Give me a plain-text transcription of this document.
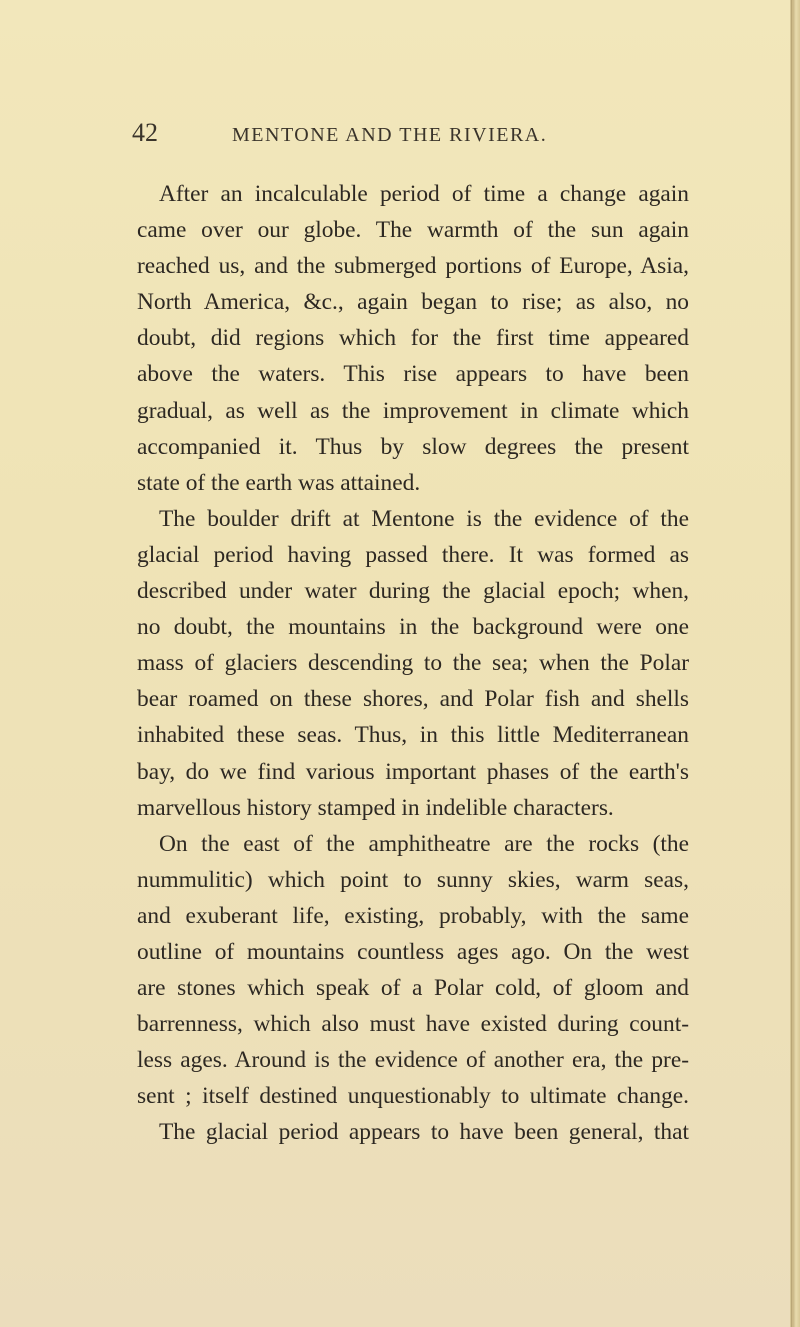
42	MENTONE AND THE RIVIERA.
After an incalculable period of time a change again
came over our globe. The warmth of the sun again
reached us, and the submerged portions of Europe, Asia,
North America, &c., again began to rise; as also, no
doubt, did regions which for the first time appeared
above the waters. This rise appears to have been
gradual, as well as the improvement in climate which
accompanied it. Thus by slow degrees the present
state of the earth was attained.
The boulder drift at Mentone is the evidence of the
glacial period having passed there. It was formed as
described under water during the glacial epoch; when,
no doubt, the mountains in the background were one
mass of glaciers descending to the sea; when the Polar
bear roamed on these shores, and Polar fish and shells
inhabited these seas. Thus, in this little Mediterranean
bay, do we find various important phases of the earth's
marvellous history stamped in indelible characters.
On the east of the amphitheatre are the rocks (the
nummulitic) which point to sunny skies, warm seas,
and exuberant life, existing, probably, with the same
outline of mountains countless ages ago. On the west
are stones which speak of a Polar cold, of gloom and
barrenness, which also must have existed during count-
less ages. Around is the evidence of another era, the pre-
sent ; itself destined unquestionably to ultimate change.
The glacial period appears to have been general, that
